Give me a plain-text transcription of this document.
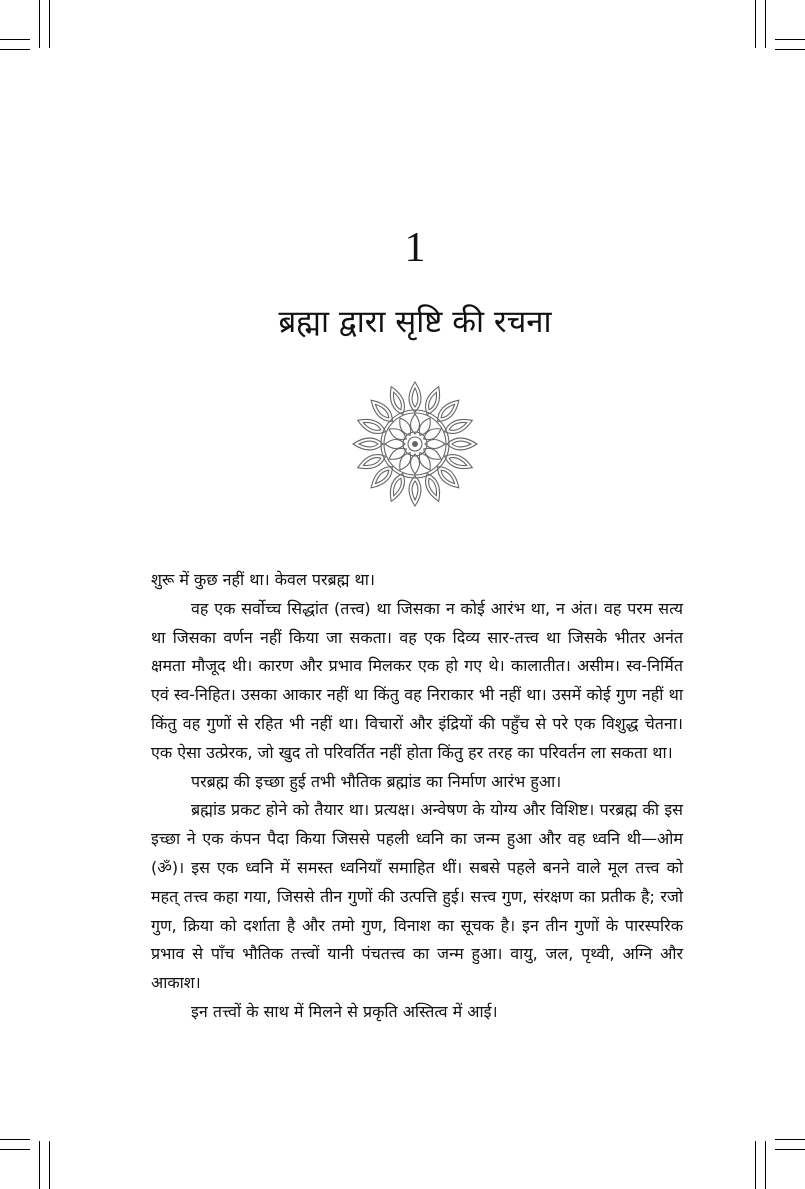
1
ब्रह्मा द्वारा सृष्टि की रचना

शुरू में कुछ नहीं था। केवल परब्रह्म था।

वह एक सर्वोच्च सिद्धांत (तत्त्व) था जिसका न कोई आरंभ था, न अंत। वह परम सत्य था जिसका वर्णन नहीं किया जा सकता। वह एक दिव्य सार-तत्त्व था जिसके भीतर अनंत क्षमता मौजूद थी। कारण और प्रभाव मिलकर एक हो गए थे। कालातीत। असीम। स्व-निर्मित एवं स्व-निहित। उसका आकार नहीं था किंतु वह निराकार भी नहीं था। उसमें कोई गुण नहीं था किंतु वह गुणों से रहित भी नहीं था। विचारों और इंद्रियों की पहुँच से परे एक विशुद्ध चेतना। एक ऐसा उत्प्रेरक, जो खुद तो परिवर्तित नहीं होता किंतु हर तरह का परिवर्तन ला सकता था।

परब्रह्म की इच्छा हुई तभी भौतिक ब्रह्मांड का निर्माण आरंभ हुआ।

ब्रह्मांड प्रकट होने को तैयार था। प्रत्यक्ष। अन्वेषण के योग्य और विशिष्ट। परब्रह्म की इस इच्छा ने एक कंपन पैदा किया जिससे पहली ध्वनि का जन्म हुआ और वह ध्वनि थी—ओम (ॐ)। इस एक ध्वनि में समस्त ध्वनियाँ समाहित थीं। सबसे पहले बनने वाले मूल तत्त्व को महत् तत्त्व कहा गया, जिससे तीन गुणों की उत्पत्ति हुई। सत्त्व गुण, संरक्षण का प्रतीक है; रजो गुण, क्रिया को दर्शाता है और तमो गुण, विनाश का सूचक है। इन तीन गुणों के पारस्परिक प्रभाव से पाँच भौतिक तत्त्वों यानी पंचतत्त्व का जन्म हुआ। वायु, जल, पृथ्वी, अग्नि और आकाश।

इन तत्त्वों के साथ में मिलने से प्रकृति अस्तित्व में आई।
